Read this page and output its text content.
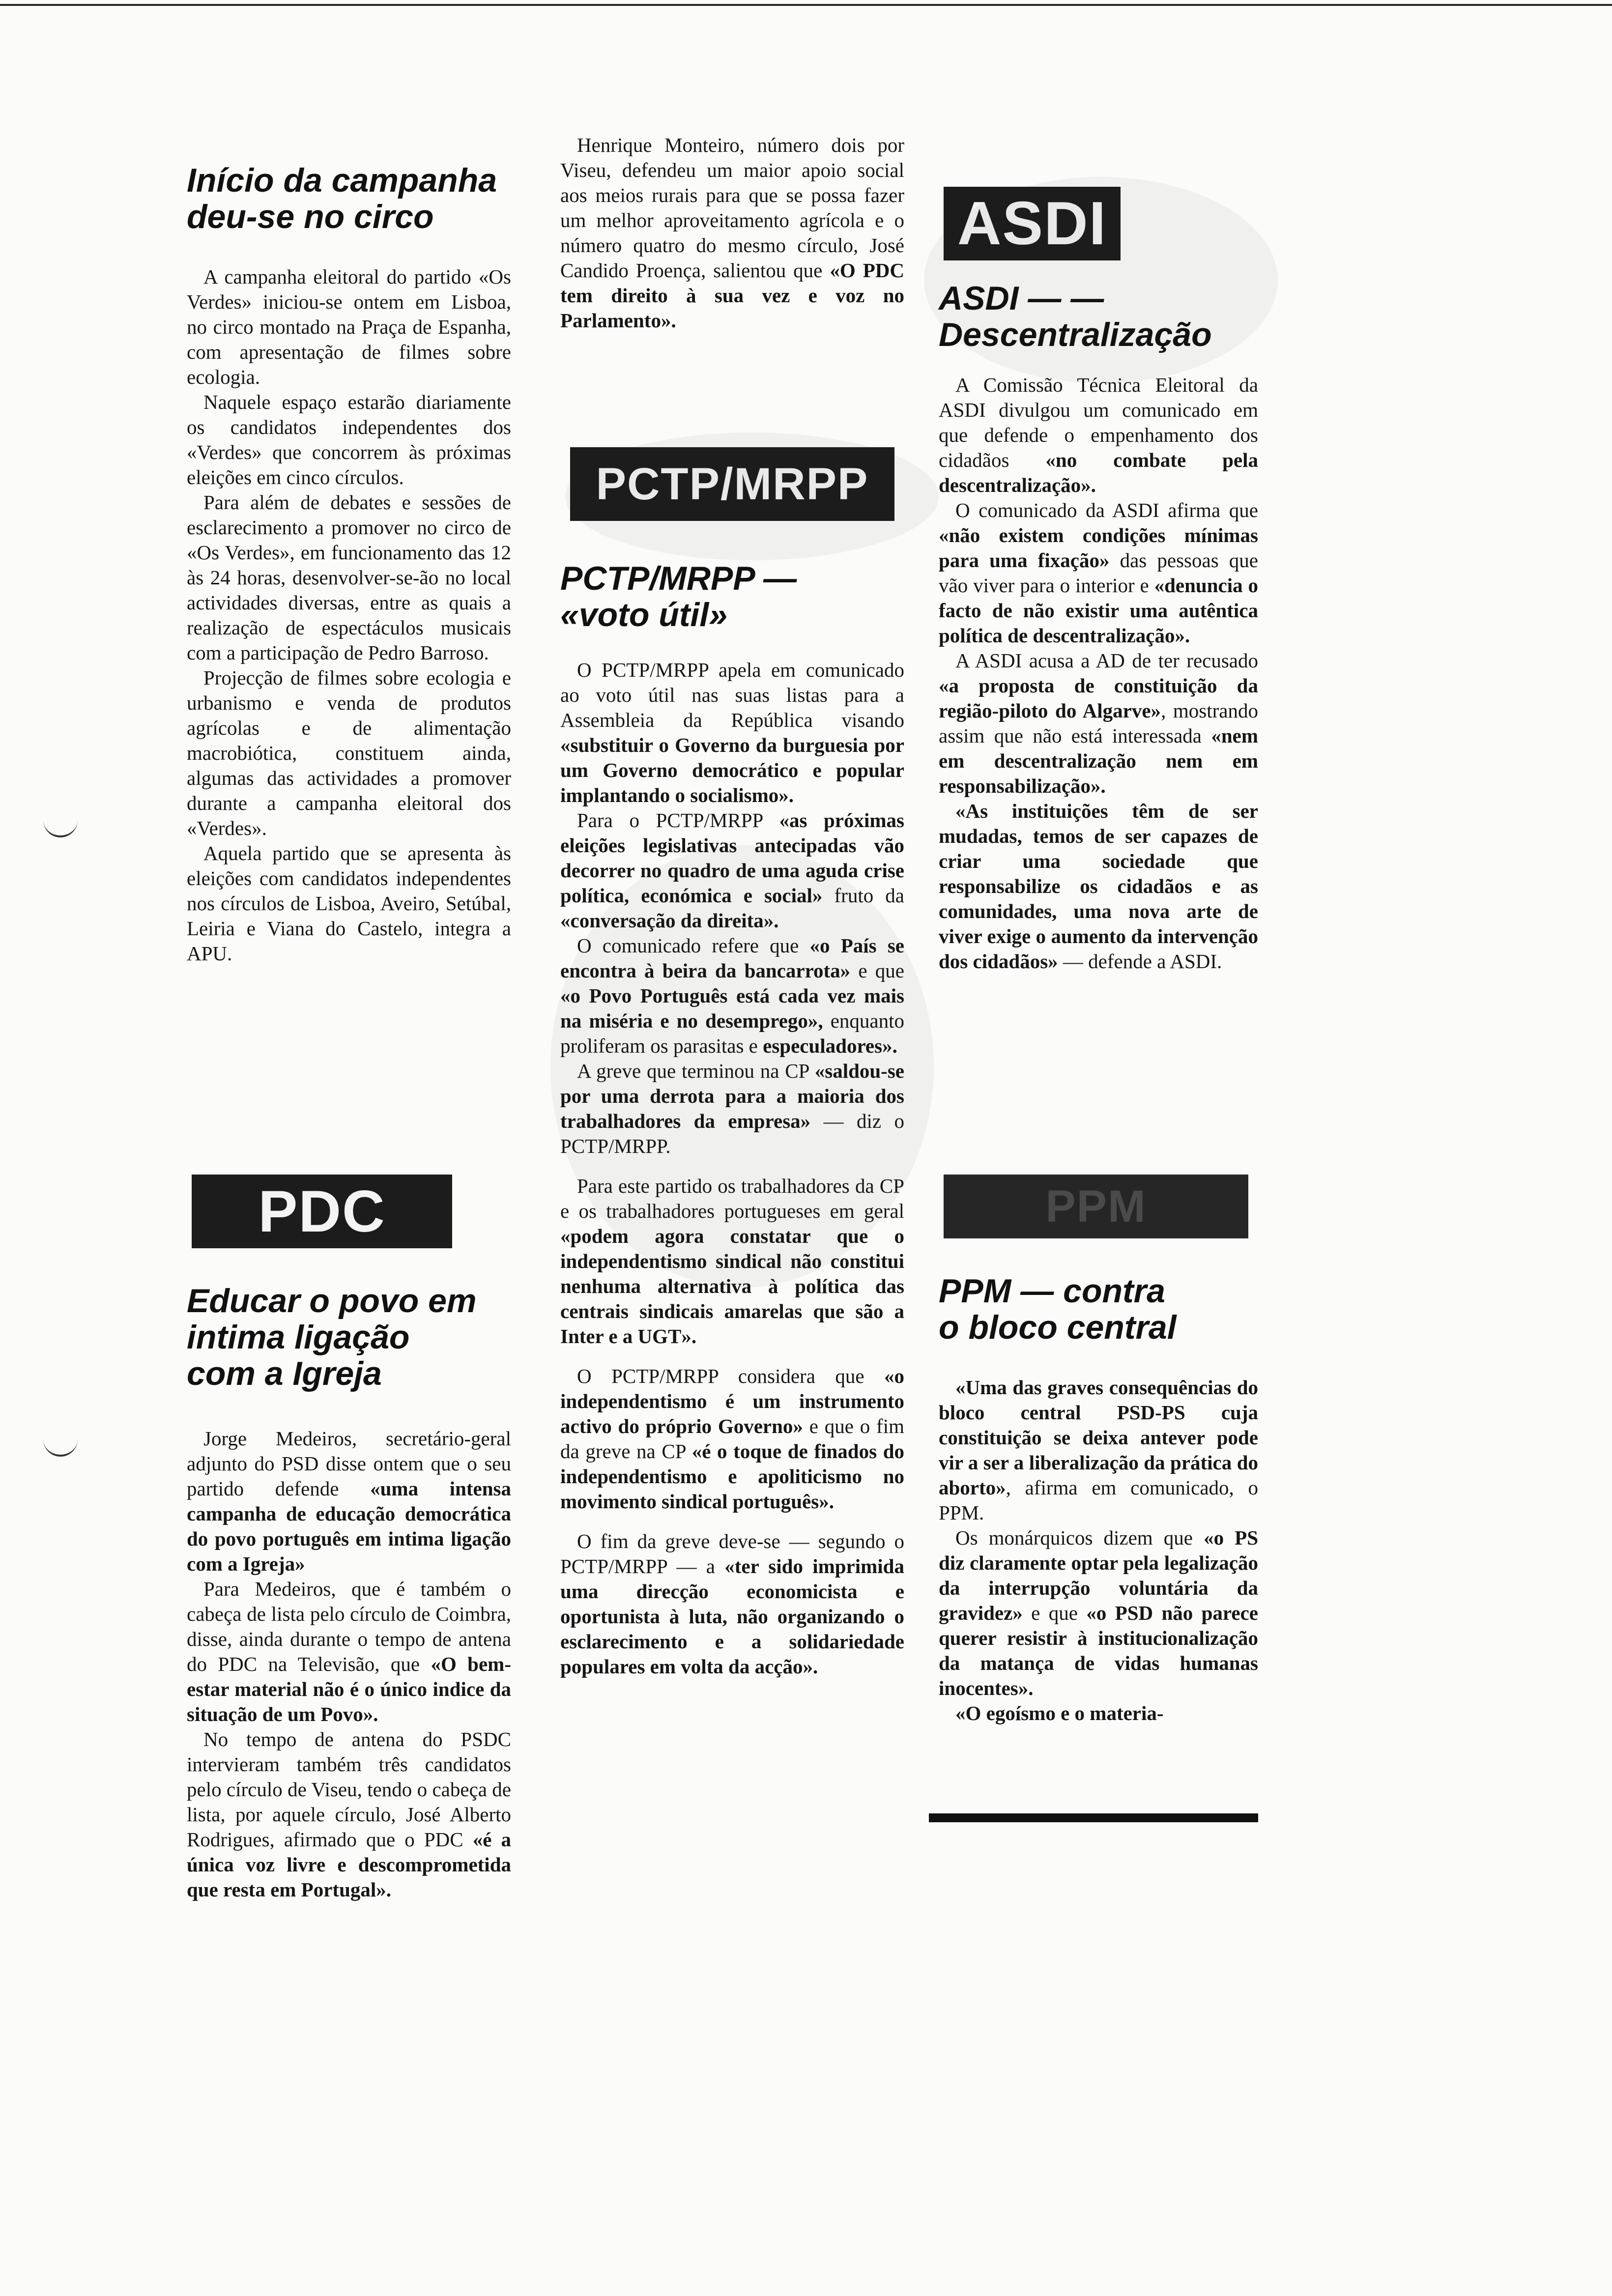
Início da campanha deu-se no circo

A campanha eleitoral do partido «Os Verdes» iniciou-se ontem em Lisboa, no circo montado na Praça de Espanha, com apresentação de filmes sobre ecologia.

Naquele espaço estarão diariamente os candidatos independentes dos «Verdes» que concorrem às próximas eleições em cinco círculos.

Para além de debates e sessões de esclarecimento a promover no circo de «Os Verdes», em funcionamento das 12 às 24 horas, desenvolver-se-ão no local actividades diversas, entre as quais a realização de espectáculos musicais com a participação de Pedro Barroso.

Projecção de filmes sobre ecologia e urbanismo e venda de produtos agrícolas e de alimentação macrobiótica, constituem ainda, algumas das actividades a promover durante a campanha eleitoral dos «Verdes».

Aquela partido que se apresenta às eleições com candidatos independentes nos círculos de Lisboa, Aveiro, Setúbal, Leiria e Viana do Castelo, integra a APU.

PDC
Educar o povo em intima ligação com a Igreja

Jorge Medeiros, secretário-geral adjunto do PSD disse ontem que o seu partido defende «uma intensa campanha de educação democrática do povo português em intima ligação com a Igreja»

Para Medeiros, que é também o cabeça de lista pelo círculo de Coimbra, disse, ainda durante o tempo de antena do PDC na Televisão, que «O bem-estar material não é o único indice da situação de um Povo».

No tempo de antena do PSDC intervieram também três candidatos pelo círculo de Viseu, tendo o cabeça de lista, por aquele círculo, José Alberto Rodrigues, afirmado que o PDC «é a única voz livre e descomprometida que resta em Portugal».

Henrique Monteiro, número dois por Viseu, defendeu um maior apoio social aos meios rurais para que se possa fazer um melhor aproveitamento agrícola e o número quatro do mesmo círculo, José Candido Proença, salientou que «O PDC tem direito à sua vez e voz no Parlamento».

PCTP/MRPP
PCTP/MRPP — «voto útil»

O PCTP/MRPP apela em comunicado ao voto útil nas suas listas para a Assembleia da República visando «substituir o Governo da burguesia por um Governo democrático e popular implantando o socialismo».

Para o PCTP/MRPP «as próximas eleições legislativas antecipadas vão decorrer no quadro de uma aguda crise política, económica e social» fruto da «conversação da direita».

O comunicado refere que «o País se encontra à beira da bancarrota» e que «o Povo Português está cada vez mais na miséria e no desemprego», enquanto proliferam os parasitas e especuladores».

A greve que terminou na CP «saldou-se por uma derrota para a maioria dos trabalhadores da empresa» — diz o PCTP/MRPP.

Para este partido os trabalhadores da CP e os trabalhadores portugueses em geral «podem agora constatar que o independentismo sindical não constitui nenhuma alternativa à política das centrais sindicais amarelas que são a Inter e a UGT».

O PCTP/MRPP considera que «o independentismo é um instrumento activo do próprio Governo» e que o fim da greve na CP «é o toque de finados do independentismo e apoliticismo no movimento sindical português».

O fim da greve deve-se — segundo o PCTP/MRPP — a «ter sido imprimida uma direcção economicista e oportunista à luta, não organizando o esclarecimento e a solidariedade populares em volta da acção».

ASDI
ASDI — — Descentralização

A Comissão Técnica Eleitoral da ASDI divulgou um comunicado em que defende o empenhamento dos cidadãos «no combate pela descentralização».

O comunicado da ASDI afirma que «não existem condições mínimas para uma fixação» das pessoas que vão viver para o interior e «denuncia o facto de não existir uma autêntica política de descentralização».

A ASDI acusa a AD de ter recusado «a proposta de constituição da região-piloto do Algarve», mostrando assim que não está interessada «nem em descentralização nem em responsabilização».

«As instituições têm de ser mudadas, temos de ser capazes de criar uma sociedade que responsabilize os cidadãos e as comunidades, uma nova arte de viver exige o aumento da intervenção dos cidadãos» — defende a ASDI.

PPM
PPM — contra o bloco central

«Uma das graves consequências do bloco central PSD-PS cuja constituição se deixa antever pode vir a ser a liberalização da prática do aborto», afirma em comunicado, o PPM.

Os monárquicos dizem que «o PS diz claramente optar pela legalização da interrupção voluntária da gravidez» e que «o PSD não parece querer resistir à institucionalização da matança de vidas humanas inocentes».

«O egoísmo e o materia-
